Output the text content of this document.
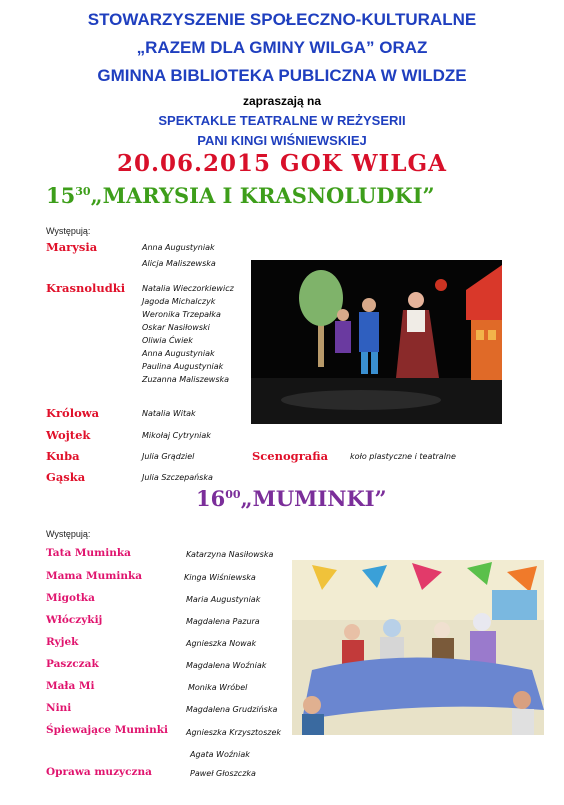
STOWARZYSZENIE SPOŁECZNO-KULTURALNE
„RAZEM DLA GMINY WILGA” ORAZ
GMINNA BIBLIOTEKA PUBLICZNA W WILDZE
zapraszają na
SPEKTAKLE TEATRALNE W REŻYSERII
PANI KINGI WIŚNIEWSKIEJ
20.06.2015 GOK WILGA
$15^{30}„MARYSIA$ I KRASNOLUDKI”
Występują:
Marysia	Anna Augustyniak
Alicja Maliszewska
Krasnoludki Natalia Wieczorkiewicz
Jagoda Michalczyk
Weronika Trzepałka
Oskar Nasiłowski
Oliwia Ćwiek
Anna Augustyniak
Paulina Augustyniak
Zuzanna Maliszewska
Królowa	Natalia Witak
Wojtek	Mikołaj Cytryniak
Kuba	Julia Grądziel	Scenografia	koło plastyczne i teatralne
Gąska	Julia Szczepańska
$16^{00}„MUMINKI$”
Występują:
Tata Muminka	Katarzyna Nasiłowska
Mama Muminka	Kinga Wiśniewska
Migotka	Maria Augustyniak
Włóczykij	Magdalena Pazura
Ryjek	Agnieszka Nowak
Paszczak	Magdalena Woźniak
Mała Mi	Monika Wróbel
Nini	Magdalena Grudzińska
Śpiewające Muminki Agnieszka Krzysztoszek
Agata Woźniak
Oprawa muzyczna	Paweł Głoszczka
